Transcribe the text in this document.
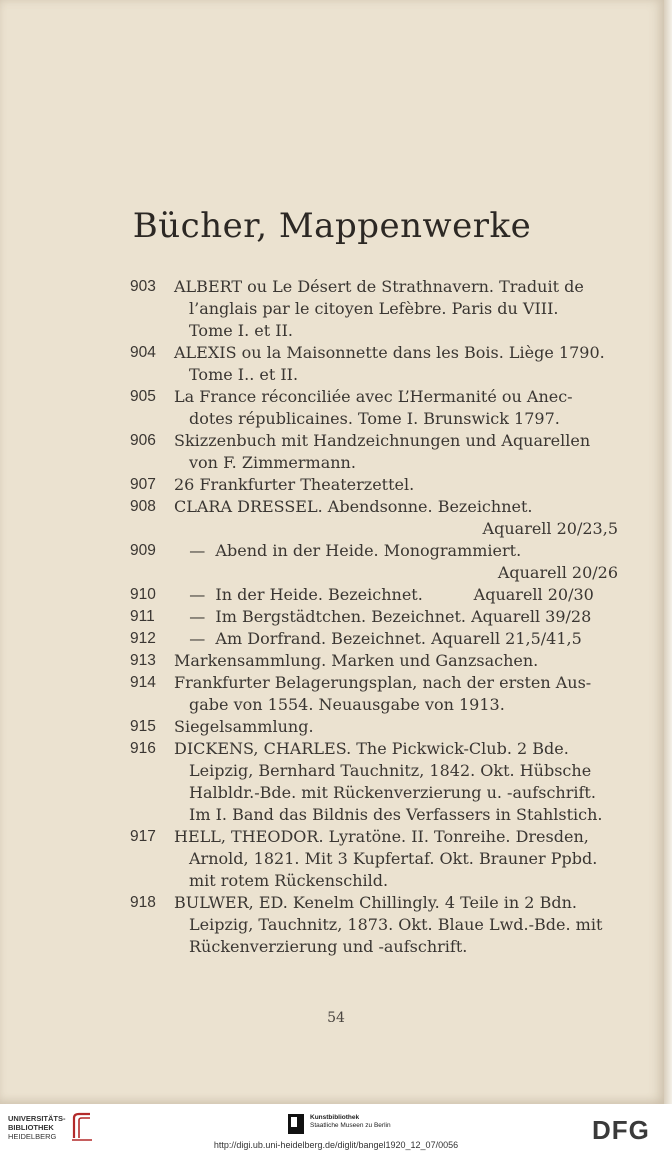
Bücher, Mappenwerke
903	ALBERT ou Le Désert de Strathnavern. Traduit de
l’anglais par le citoyen Lefèbre. Paris du VIII.
Tome I. et II.
904	ALEXIS ou la Maisonnette dans les Bois. Liège 1790.
Tome I.. et II.
905	La France réconciliée avec L’Hermanité ou Anec-
dotes républicaines. Tome I. Brunswick 1797.
906	Skizzenbuch mit Handzeichnungen und Aquarellen
von F. Zimmermann.
907	26 Frankfurter Theaterzettel.
908	CLARA DRESSEL. Abendsonne. Bezeichnet.
Aquarell 20/23,5
909	—  Abend in der Heide. Monogrammiert.
Aquarell 20/26
910	—  In der Heide. Bezeichnet.          Aquarell 20/30
911	—  Im Bergstädtchen. Bezeichnet. Aquarell 39/28
912	—  Am Dorfrand. Bezeichnet. Aquarell 21,5/41,5
913	Markensammlung. Marken und Ganzsachen.
914	Frankfurter Belagerungsplan, nach der ersten Aus-
gabe von 1554. Neuausgabe von 1913.
915	Siegelsammlung.
916	DICKENS, CHARLES. The Pickwick-Club. 2 Bde.
Leipzig, Bernhard Tauchnitz, 1842. Okt. Hübsche
Halbldr.-Bde. mit Rückenverzierung u. -aufschrift.
Im I. Band das Bildnis des Verfassers in Stahlstich.
917	HELL, THEODOR. Lyratöne. II. Tonreihe. Dresden,
Arnold, 1821. Mit 3 Kupfertaf. Okt. Brauner Ppbd.
mit rotem Rückenschild.
918	BULWER, ED. Kenelm Chillingly. 4 Teile in 2 Bdn.
Leipzig, Tauchnitz, 1873. Okt. Blaue Lwd.-Bde. mit
Rückenverzierung und -aufschrift.
54
UNIVERSITÄTS-
BIBLIOTHEK
HEIDELBERG
Kunstbibliothek
Staatliche Museen zu Berlin	DFG
http://digi.ub.uni-heidelberg.de/diglit/bangel1920_12_07/0056
